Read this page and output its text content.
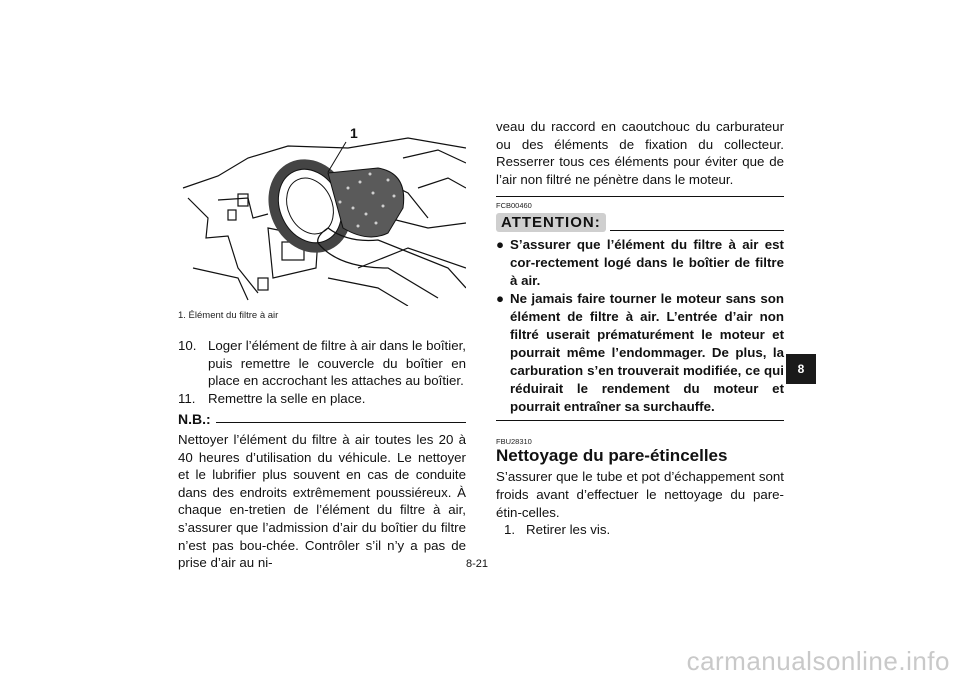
1
1. Élément du filtre à air
10. Loger l’élément de filtre à air dans le boîtier, puis remettre le couvercle du boîtier en place en accrochant les attaches au boîtier.
11. Remettre la selle en place.
N.B.:
Nettoyer l’élément du filtre à air toutes les 20 à 40 heures d’utilisation du véhicule. Le nettoyer et le lubrifier plus souvent en cas de conduite dans des endroits extrêmement poussiéreux. À chaque en-tretien de l’élément du filtre à air, s’assurer que l’admission d’air du boîtier du filtre n’est pas bou-chée. Contrôler s’il n’y a pas de prise d’air au ni-
veau du raccord en caoutchouc du carburateur ou des éléments de fixation du collecteur. Resserrer tous ces éléments pour éviter que de l’air non filtré ne pénètre dans le moteur.
FCB00460
ATTENTION:
● S’assurer que l’élément du filtre à air est cor-rectement logé dans le boîtier de filtre à air.
● Ne jamais faire tourner le moteur sans son élément de filtre à air. L’entrée d’air non filtré userait prématurément le moteur et pourrait même l’endommager. De plus, la carburation s’en trouverait modifiée, ce qui réduirait le rendement du moteur et pourrait entraîner sa surchauffe.
FBU28310
Nettoyage du pare-étincelles
S’assurer que le tube et pot d’échappement sont froids avant d’effectuer le nettoyage du pare-étin-celles.
1. Retirer les vis.
8
8-21
carmanualsonline.info
